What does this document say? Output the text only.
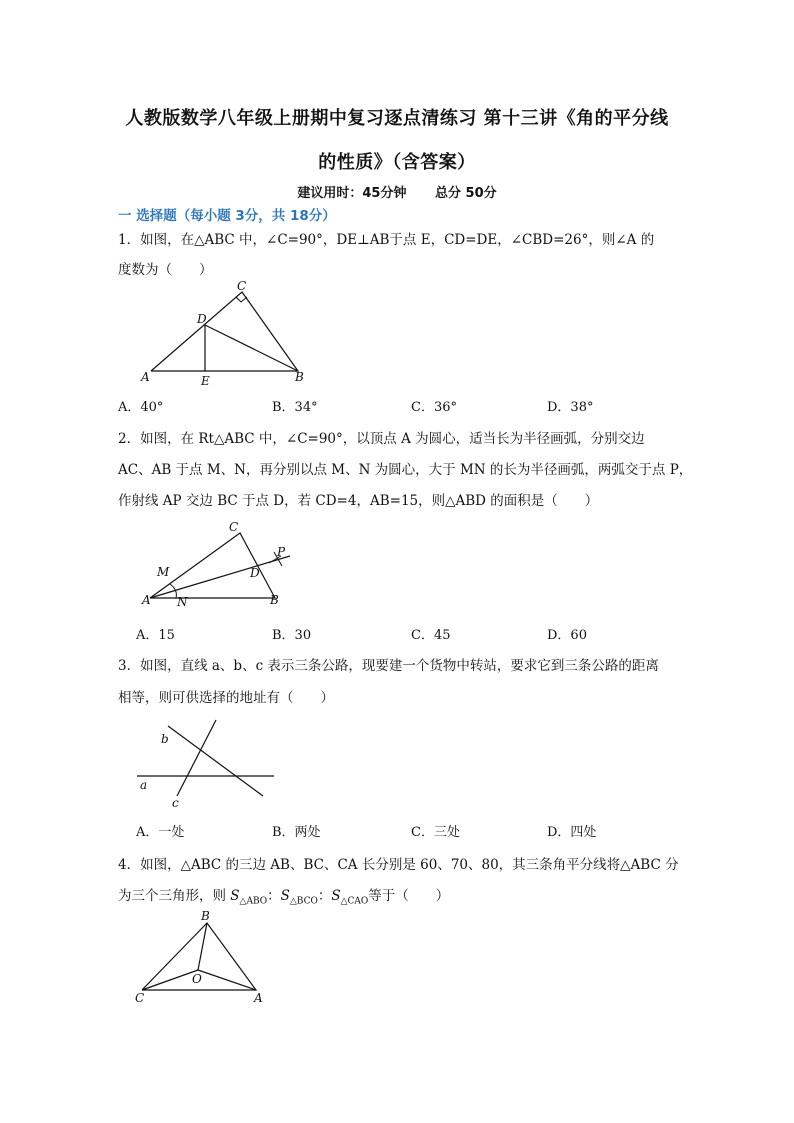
人教版数学八年级上册期中复习逐点清练习 第十三讲《角的平分线
的性质》（含答案）
建议用时：45分钟 总分 50分
一 选择题（每小题 3分，共 18分）
1．如图，在△ABC 中，∠C=90°，DE⊥AB于点 E，CD=DE，∠CBD=26°，则∠A 的
度数为（　　）
C
D
A	E	B
A．40°	B．34°	C．36°	D．38°
2．如图，在 Rt△ABC 中，∠C=90°，以顶点 A 为圆心，适当长为半径画弧，分别交边
AC、AB 于点 M、N，再分别以点 M、N 为圆心，大于 MN 的长为半径画弧，两弧交于点 P，
作射线 AP 交边 BC 于点 D，若 CD=4，AB=15，则△ABD 的面积是（　　）
C
P
M	D
A N	B
A．15	B．30	C．45	D．60
3．如图，直线 a、b、c 表示三条公路，现要建一个货物中转站，要求它到三条公路的距离
相等，则可供选择的地址有（　　）
b
a
c
A．一处	B．两处	C．三处	D．四处
4．如图，△ABC 的三边 AB、BC、CA 长分别是 60、70、80，其三条角平分线将△ABC 分
为三个三角形，则 $S_{\triangle ABO}$：$S_{\triangle BCO}$：$S_{\triangle CAO}$等于（　　）
B
O
C	A
